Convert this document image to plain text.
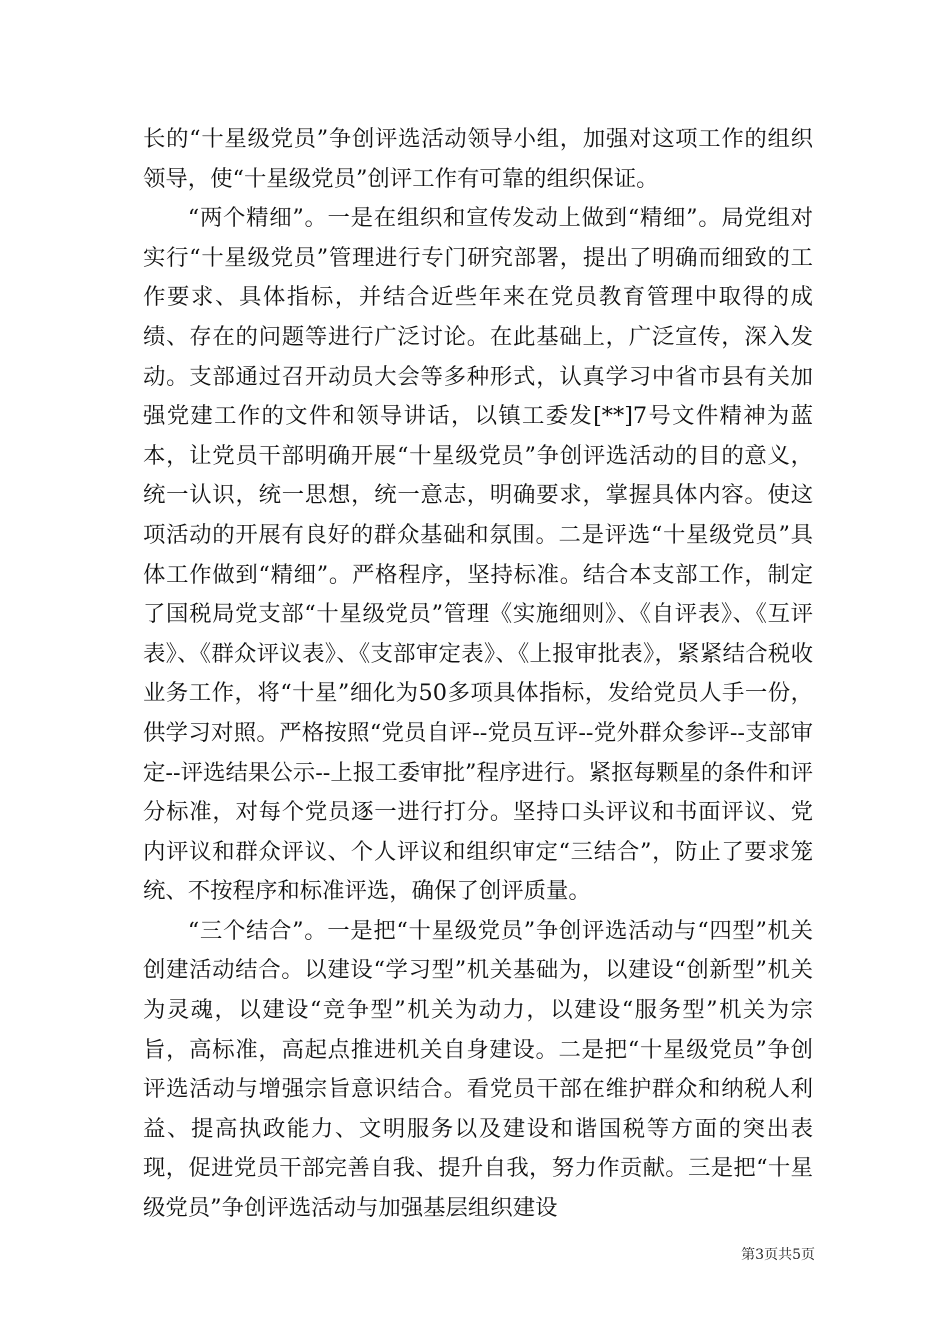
长的“十星级党员”争创评选活动领导小组，加强对这项工作的组织领导，使“十星级党员”创评工作有可靠的组织保证。

“两个精细”。一是在组织和宣传发动上做到“精细”。局党组对实行“十星级党员”管理进行专门研究部署，提出了明确而细致的工作要求、具体指标，并结合近些年来在党员教育管理中取得的成绩、存在的问题等进行广泛讨论。在此基础上，广泛宣传，深入发动。支部通过召开动员大会等多种形式，认真学习中省市县有关加强党建工作的文件和领导讲话，以镇工委发[**]7号文件精神为蓝本，让党员干部明确开展“十星级党员”争创评选活动的目的意义，统一认识，统一思想，统一意志，明确要求，掌握具体内容。使这项活动的开展有良好的群众基础和氛围。二是评选“十星级党员”具体工作做到“精细”。严格程序，坚持标准。结合本支部工作，制定了国税局党支部“十星级党员”管理《实施细则》、《自评表》、《互评表》、《群众评议表》、《支部审定表》、《上报审批表》，紧紧结合税收业务工作，将“十星”细化为50多项具体指标，发给党员人手一份，供学习对照。严格按照“党员自评--党员互评--党外群众参评--支部审定--评选结果公示--上报工委审批”程序进行。紧抠每颗星的条件和评分标准，对每个党员逐一进行打分。坚持口头评议和书面评议、党内评议和群众评议、个人评议和组织审定“三结合”，防止了要求笼统、不按程序和标准评选，确保了创评质量。

“三个结合”。一是把“十星级党员”争创评选活动与“四型”机关创建活动结合。以建设“学习型”机关基础为，以建设“创新型”机关为灵魂，以建设“竞争型”机关为动力，以建设“服务型”机关为宗旨，高标准，高起点推进机关自身建设。二是把“十星级党员”争创评选活动与增强宗旨意识结合。看党员干部在维护群众和纳税人利益、提高执政能力、文明服务以及建设和谐国税等方面的突出表现，促进党员干部完善自我、提升自我，努力作贡献。三是把“十星级党员”争创评选活动与加强基层组织建设

第3页共5页
